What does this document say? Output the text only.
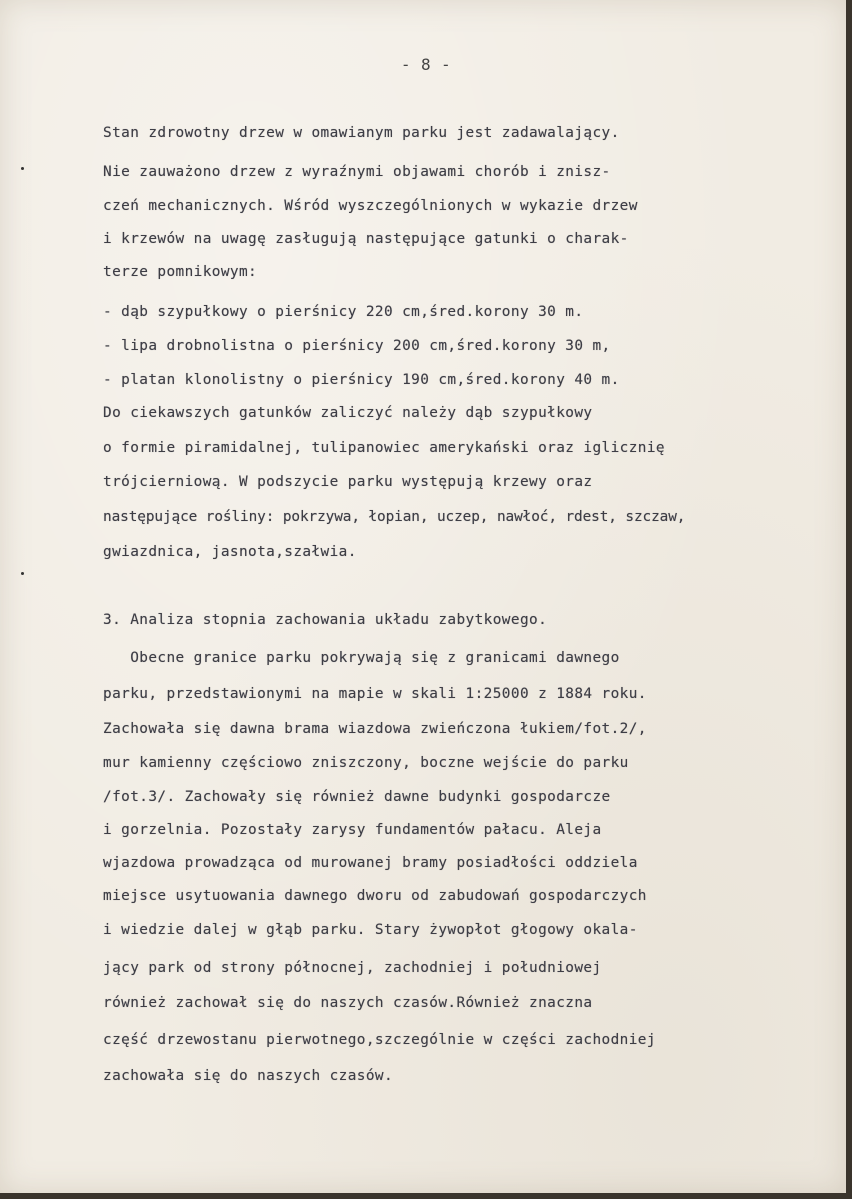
- 8 -
Stan zdrowotny drzew w omawianym parku jest zadawalający.
Nie zauważono drzew z wyraźnymi objawami chorób i znisz-
czeń mechanicznych. Wśród wyszczególnionych w wykazie drzew
i krzewów na uwagę zasługują następujące gatunki o charak-
terze pomnikowym:
- dąb szypułkowy o pierśnicy 220 cm,śred.korony 30 m.
- lipa drobnolistna o pierśnicy 200 cm,śred.korony 30 m,
- platan klonolistny o pierśnicy 190 cm,śred.korony 40 m.
Do ciekawszych gatunków zaliczyć należy dąb szypułkowy
o formie piramidalnej, tulipanowiec amerykański oraz iglicznię
trójcierniową. W podszycie parku występują krzewy oraz
następujące rośliny: pokrzywa, łopian, uczep, nawłoć, rdest, szczaw,
gwiazdnica, jasnota,szałwia.
3. Analiza stopnia zachowania układu zabytkowego.
Obecne granice parku pokrywają się z granicami dawnego
parku, przedstawionymi na mapie w skali 1:25000 z 1884 roku.
Zachowała się dawna brama wiazdowa zwieńczona łukiem/fot.2/,
mur kamienny częściowo zniszczony, boczne wejście do parku
/fot.3/. Zachowały się również dawne budynki gospodarcze
i gorzelnia. Pozostały zarysy fundamentów pałacu. Aleja
wjazdowa prowadząca od murowanej bramy posiadłości oddziela
miejsce usytuowania dawnego dworu od zabudowań gospodarczych
i wiedzie dalej w głąb parku. Stary żywopłot głogowy okala-
jący park od strony północnej, zachodniej i południowej
również zachował się do naszych czasów.Również znaczna
część drzewostanu pierwotnego,szczególnie w części zachodniej
zachowała się do naszych czasów.
